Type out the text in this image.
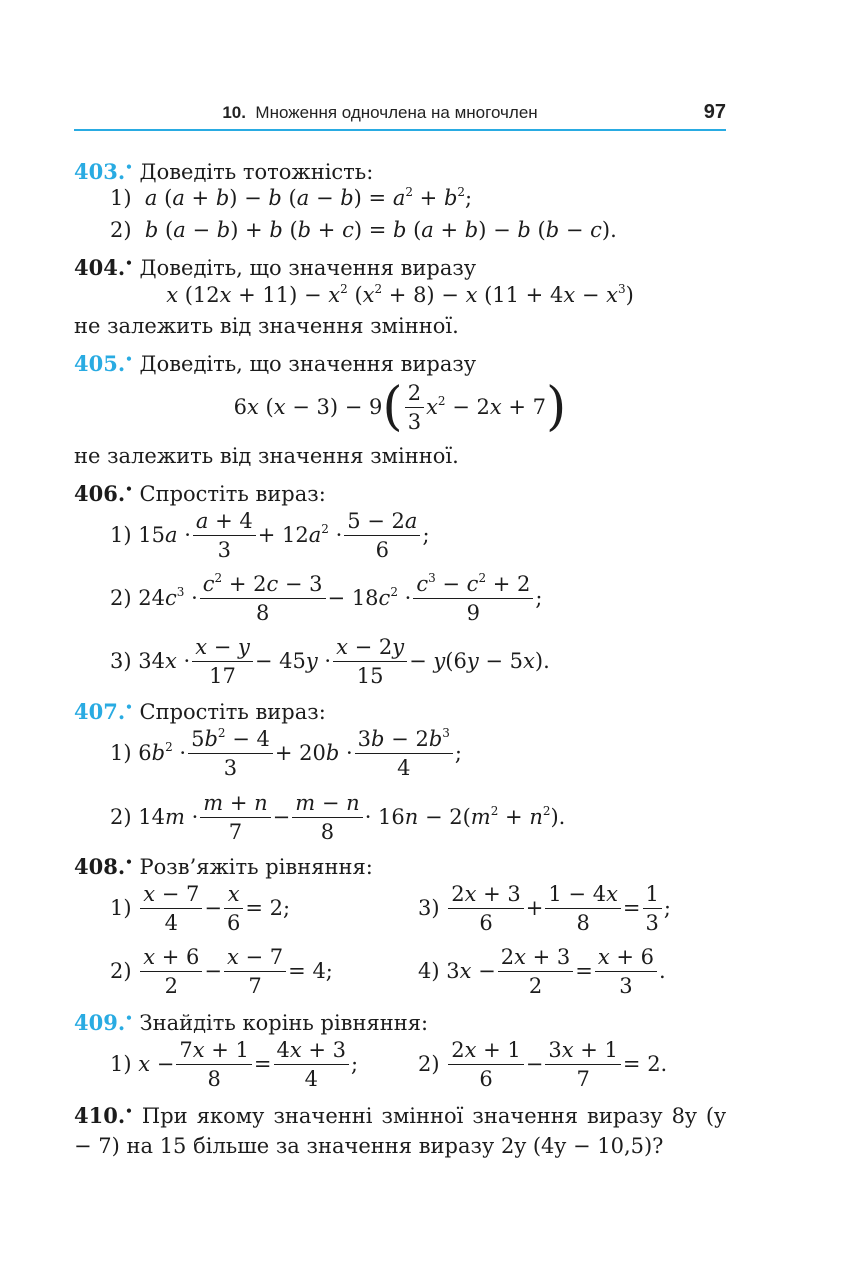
10. Множення одночлена на многочлен	97
403.• Доведіть тотожність:
1) a (a + b) − b $(a - b) = a^2 + b^2$;
2) b (a − b) + b (b + c) = b (a + b) − b (b − c).
404.• Доведіть, що значення виразу
x $(12x + 11) - x^2$ $(x^2 + 8) - x$ $(11 + 4x - x^3)$
не залежить від значення змінної.
405.• Доведіть, що значення виразу
6x (x − 3) − 9 ( $\frac{2}{3} x^2 - 2x + 7$ )
не залежить від значення змінної.
406.• Спростіть вираз:
1)
$15a \cdot \frac{a + 4}{3} + 12a^2 \cdot \frac{5 - 2a}{6}$ ;
2)
$24c^3 \cdot \frac{c^2 + 2c - 3}{8} - 18c^2 \cdot \frac{c^3 - c^2 + 2}{9}$ ;
3)
$34x \cdot \frac{x - y}{17} - 45y \cdot \frac{x - 2y}{15} - y(6y - 5x)$.
407.• Спростіть вираз:
1)
$6b^2 \cdot \frac{5b^2 - 4}{3} + 20b \cdot \frac{3b - 2b^3}{4}$ ;
2)
$14m \cdot \frac{m + n}{7} - \frac{m - n}{8} \cdot 16n - 2(m^2 + n^2)$.
408.• Розв’яжіть рівняння:
1)
$\frac{x - 7}{4} - \frac{x}{6} = 2$;	3)
$\frac{2x + 3}{6} + \frac{1 - 4x}{8} = \frac{1}{3}$ ;
2)
$\frac{x + 6}{2} - \frac{x - 7}{7} = 4$;	4)
$3x - \frac{2x + 3}{2} = \frac{x + 6}{3}$ .
409.• Знайдіть корінь рівняння:
1)
$x - \frac{7x + 1}{8} = \frac{4x + 3}{4}$ ;	2)
$\frac{2x + 1}{6} - \frac{3x + 1}{7} = 2$.
410.• При якому значенні змінної значення виразу 8y (y − 7) на 15 більше за значення виразу 2y (4y − 10,5)?
